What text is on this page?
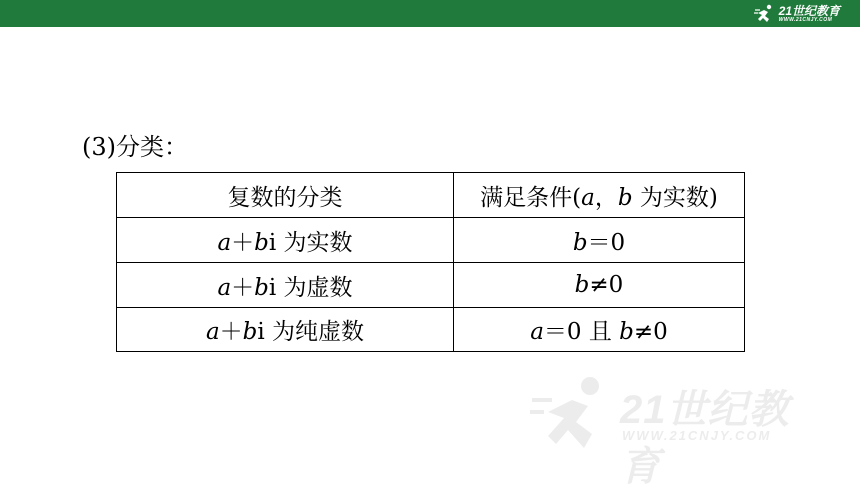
21世纪教育
WWW.21CNJY.COM
(3)分类：
复数的分类	满足条件(a，b 为实数)
a＋bi 为实数	b＝0
a＋bi 为虚数	b≠0
a＋bi 为纯虚数	a＝0 且 b≠0
21世纪教育
WWW.21CNJY.COM
